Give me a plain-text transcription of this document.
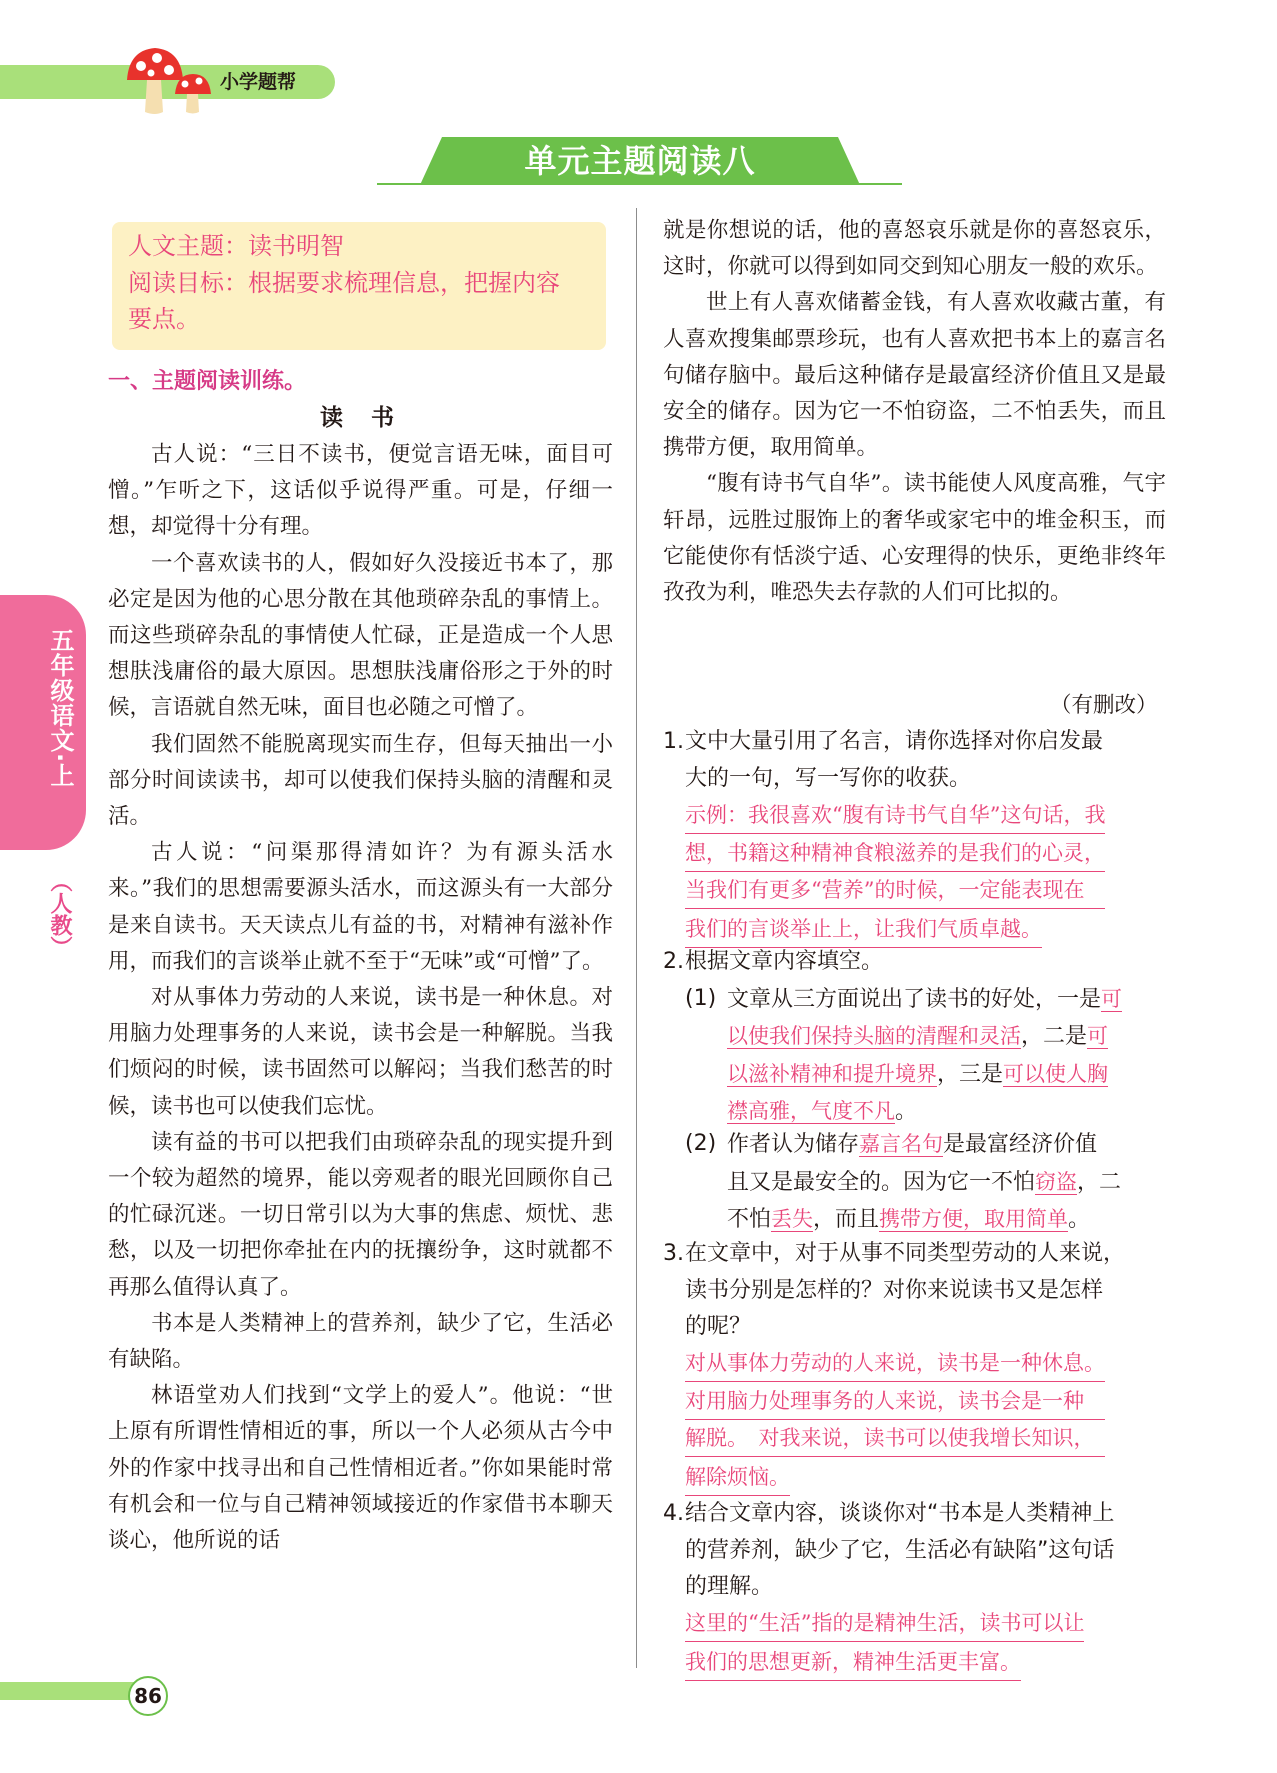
小学题帮
单元主题阅读八
五年级语文·上
（人教）
人文主题：读书明智
阅读目标：根据要求梳理信息，把握内容
要点。
一、主题阅读训练。
读 书

古人说：“三日不读书，便觉言语无味，面目可憎。”乍听之下，这话似乎说得严重。可是，仔细一想，却觉得十分有理。

一个喜欢读书的人，假如好久没接近书本了，那必定是因为他的心思分散在其他琐碎杂乱的事情上。而这些琐碎杂乱的事情使人忙碌，正是造成一个人思想肤浅庸俗的最大原因。思想肤浅庸俗形之于外的时候，言语就自然无味，面目也必随之可憎了。

我们固然不能脱离现实而生存，但每天抽出一小部分时间读读书，却可以使我们保持头脑的清醒和灵活。

古人说：“问渠那得清如许？为有源头活水来。”我们的思想需要源头活水，而这源头有一大部分是来自读书。天天读点儿有益的书，对精神有滋补作用，而我们的言谈举止就不至于“无味”或“可憎”了。

对从事体力劳动的人来说，读书是一种休息。对用脑力处理事务的人来说，读书会是一种解脱。当我们烦闷的时候，读书固然可以解闷；当我们愁苦的时候，读书也可以使我们忘忧。

读有益的书可以把我们由琐碎杂乱的现实提升到一个较为超然的境界，能以旁观者的眼光回顾你自己的忙碌沉迷。一切日常引以为大事的焦虑、烦忧、悲愁，以及一切把你牵扯在内的抚攘纷争，这时就都不再那么值得认真了。

书本是人类精神上的营养剂，缺少了它，生活必有缺陷。

林语堂劝人们找到“文学上的爱人”。他说：“世上原有所谓性情相近的事，所以一个人必须从古今中外的作家中找寻出和自己性情相近者。”你如果能时常有机会和一位与自己精神领域接近的作家借书本聊天谈心，他所说的话

就是你想说的话，他的喜怒哀乐就是你的喜怒哀乐，这时，你就可以得到如同交到知心朋友一般的欢乐。

世上有人喜欢储蓄金钱，有人喜欢收藏古董，有人喜欢搜集邮票珍玩，也有人喜欢把书本上的嘉言名句储存脑中。最后这种储存是最富经济价值且又是最安全的储存。因为它一不怕窃盗，二不怕丢失，而且携带方便，取用简单。

“腹有诗书气自华”。读书能使人风度高雅，气宇轩昂，远胜过服饰上的奢华或家宅中的堆金积玉，而它能使你有恬淡宁适、心安理得的快乐，更绝非终年孜孜为利，唯恐失去存款的人们可比拟的。

（有删改）
1. 文中大量引用了名言，请你选择对你启发最
大的一句，写一写你的收获。
示例：我很喜欢“腹有诗书气自华”这句话，我
想，书籍这种精神食粮滋养的是我们的心灵，
当我们有更多“营养”的时候，一定能表现在
我们的言谈举止上，让我们气质卓越。
2. 根据文章内容填空。
(1) 文章从三方面说出了读书的好处，一是可
以使我们保持头脑的清醒和灵活，二是可
以滋补精神和提升境界，三是可以使人胸
襟高雅，气度不凡。
(2) 作者认为储存嘉言名句是最富经济价值
且又是最安全的。因为它一不怕窃盗，二
不怕丢失，而且携带方便，取用简单。
3. 在文章中，对于从事不同类型劳动的人来说，
读书分别是怎样的？对你来说读书又是怎样
的呢？
对从事体力劳动的人来说，读书是一种休息。
对用脑力处理事务的人来说，读书会是一种
解脱。　对我来说，读书可以使我增长知识，
解除烦恼。
4. 结合文章内容，谈谈你对“书本是人类精神上
的营养剂，缺少了它，生活必有缺陷”这句话
的理解。
这里的“生活”指的是精神生活，读书可以让
我们的思想更新，精神生活更丰富。
86
